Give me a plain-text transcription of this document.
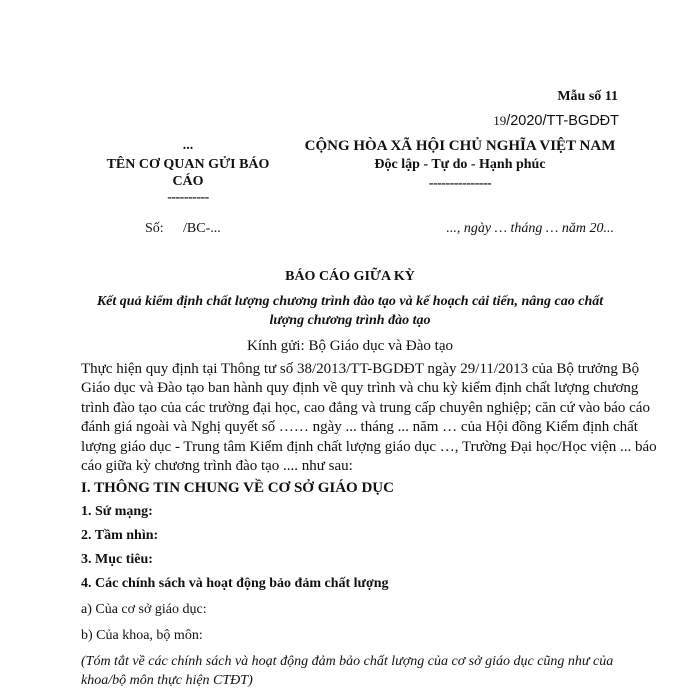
Mẫu số 11
19/2020/TT-BGDĐT
...
TÊN CƠ QUAN GỬI BÁO
CÁO
----------
CỘNG HÒA XÃ HỘI CHỦ NGHĨA VIỆT NAM
Độc lập - Tự do - Hạnh phúc
---------------
Số: /BC-...	..., ngày … tháng … năm 20...
BÁO CÁO GIỮA KỲ
Kết quả kiểm định chất lượng chương trình đào tạo và kế hoạch cải tiến, nâng cao chất
lượng chương trình đào tạo
Kính gửi: Bộ Giáo dục và Đào tạo
Thực hiện quy định tại Thông tư số 38/2013/TT-BGDĐT ngày 29/11/2013 của Bộ trưởng Bộ
Giáo dục và Đào tạo ban hành quy định về quy trình và chu kỳ kiểm định chất lượng chương
trình đào tạo của các trường đại học, cao đẳng và trung cấp chuyên nghiệp; căn cứ vào báo cáo
đánh giá ngoài và Nghị quyết số …… ngày ... tháng ... năm … của Hội đồng Kiểm định chất
lượng giáo dục - Trung tâm Kiểm định chất lượng giáo dục …, Trường Đại học/Học viện ... báo
cáo giữa kỳ chương trình đào tạo .... như sau:
I. THÔNG TIN CHUNG VỀ CƠ SỞ GIÁO DỤC
1. Sứ mạng:
2. Tầm nhìn:
3. Mục tiêu:
4. Các chính sách và hoạt động bảo đảm chất lượng
a) Của cơ sở giáo dục:
b) Của khoa, bộ môn:
(Tóm tắt về các chính sách và hoạt động đảm bảo chất lượng của cơ sở giáo dục cũng như của
khoa/bộ môn thực hiện CTĐT)
